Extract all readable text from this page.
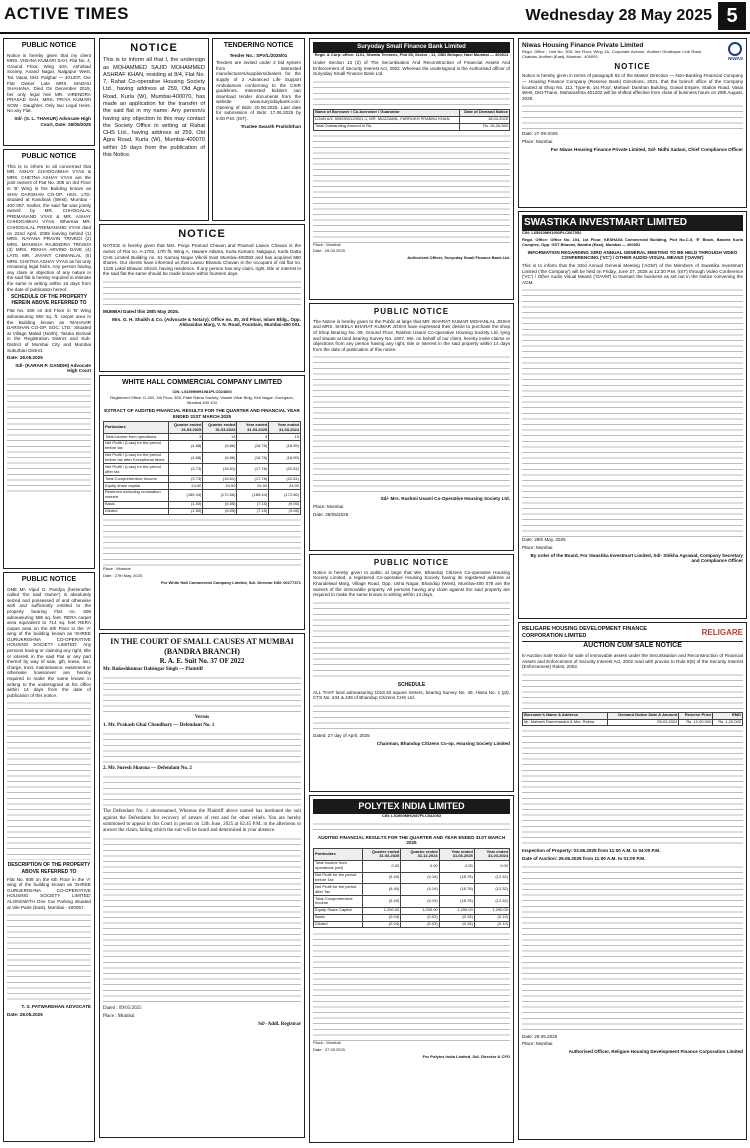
ACTIVE TIMES	Wednesday 28 May 2025 5
PUBLIC NOTICE

Notice is hereby given that my client MRS. VISHNA KUMARI SAH, Flat No. 4, Ground Floor, Wing 10A, Ashirbad Society, Anand Nagar, Nalgapur West, Tal. Vasai, Dist. Palghar — 401207, Our Flat Owner Late MRS. MADHU SHAHANA, Died On December 2015, her only legal heir MR. VIRENDRA PRASAD SAH, MRS. PRIYA KUMARI SOW - Daughter. Only two Legal Heirs. No any Flat.

Sd/- (S. L. THAKUR) Advocate High Court, Date: 28/05/2025

PUBLIC NOTICE

This is to inform to all concerned that MR. ASHAY CHHOGABHAI VYAS & MRS. CHETNA ASHAY VYAS are the joint owners of Flat No. 308 on 3rd Floor in 'B' Wing in the Building known as SHIV DARSHAN CO-OP. HSG. LTD. situated at Kandivali (West), Mumbai - 400 067. Earlier, the said flat was jointly owned by MR. CHHOGALAL PREMANAND VYAS & MR. ASHAY CHHOGABHAI VYAS. Whereas MR. CHHOGALAL PREMANAND VYAS died on 22nd April, 2005 leaving behind (1) MRS. NAYANA PRAVIN TRIVEDI (2) MRS. MANISHA RAJENDRA TRIVEDI (3) MRS. REKHA ARVIND DAVE (4) LATE MR. JAYANT CHIMANLAL (5) MRS. CHETNA ASHAY VYAS as his only remaining legal heirs. Any person having any claim or objection of any nature in the said flat is hereby required to intimate the same in writing within 15 days from the date of publication hereof.

SCHEDULE OF THE PROPERTY HEREIN ABOVE REFERRED TO

Flat No. 308 on 3rd Floor in 'B' Wing admeasuring 550 sq. ft. carpet area in the Building known as 'MAHAVIR DARSHAN CO-OP. SOC. LTD.' Situated at Village Malad (North), Taluka Borivali in the Registration District and Sub-District of Mumbai City and Mumbai Suburban District.

Date: 28.05.2025

Sd/- (KARAN P. GANDHI) Advocate High Court

PUBLIC NOTICE

ONE Mr. Vipul G. Pandya (hereinafter called 'the said Owner') is absolutely seized and possessed of and otherwise well and sufficiently entitled to the property bearing Flat no. 608 admeasuring 586 sq. feet. RERA carpet area equivalent to 714 sq. feet RERA carpet area on the 6th Floor in the 'A' wing of the building known as 'SHREE GURUKRISHNA CO-OPERATIVE HOUSING SOCIETY LIMITED'. Any persons having or claiming any right, title or interest in the said Flat or any part thereof by way of sale, gift, lease, lien, charge, trust, maintenance, easement or otherwise howsoever are hereby required to make the same known in writing to the undersigned at his office within 14 days from the date of publication of this notice.

DESCRIPTION OF THE PROPERTY ABOVE REFERRED TO

Flat No. 608 on the 6th Floor in the 'A' wing of the building known as 'SHREE GURUKRISHNA CO-OPERATIVE HOUSING SOCIETY LIMITED' ALONGWITH One Car Parking situated at Vile Parle (East), Mumbai - 400057.

T. S. PATWARDHAN ADVOCATE

Date: 28.05.2025

NOTICE

This is to inform all that I, the undersign as MOHAMMED SAJID MOHAMMED ASHRAF KHAN, residing at 8/4, Flat No. 7, Rahat Co-operative Housing Society Ltd., having address at 259, Old Agra Road, Kurla (W), Mumbai-400070, has made an application for the transfer of the said flat in my name. Any person/s having any objection to this may contact the Society Office in writing at Rahat CHS Ltd., having address at 259, Old Agra Road, Kurla (W), Mumbai-400070 within 15 days from the publication of this Notice.

TENDERING NOTICE

Tender No.: SPV/L/2025/01

Tenders are invited under 2 bid system from interested manufacturers/suppliers/dealers for the supply of 2 Advanced Life Support Ambulances conforming to the CSIR guidelines. Interested bidders can download tender documents from the website www.suryodaybank.com. Opening of Bids: 20.06.2025. Last date for submission of Bids: 17.06.2025 by 5.00 P.M. (IST).

Trustee Swasth Pratishthan

NOTICE

NOTICE is hereby given that Mrs. Pooja Pramod Chavan and Pramod Lawoo Chavan is the owner of Flat no. A-1702, 17th flr, Wing A, Haware Atlanta, Kurla Kamani, Nalgapur, Kurla Datta CHS Limited Building no. 51 Kamraj Nagar Vikroli East Mumbai-400083 and has acquired 580 shares. Our clients have informed us that Lawoo Bhandu Chavan is the occupant of old flat no. 1226 Lakdi Bhavan Shiroli, having residence. If any person has any claim, right, title or interest in the said flat the same should be made known within fourteen days.

MUMBAI Dated this 28th May 2025.

Mrs. G. H. Shaikh & Co. (Advocate & Notary), Office no. 30, 3rd Floor, Islam Bldg., Opp. Abbasidas Marg, V. N. Road, Fountain, Mumbai-400 001.

WHITE HALL COMMERCIAL COMPANY LIMITED

CIN: L51909MH1981PLC024660

Registered Office: D-402, 4th Floor, 305, Patel Ratna Society, Vasant Vihar Bldg, Kirti Nagar, Goregaon, Mumbai 400 104

EXTRACT OF AUDITED FINANCIAL RESULTS FOR THE QUARTER AND FINANCIAL YEAR ENDED 31ST MARCH 2025

Particulars	Quarter ended 31.03.2025	Quarter ended 31.03.2024	Year ended 31.03.2025	Year ended 31.03.2024
Total income from operations	3	13	3	13
Net Profit / (Loss) for the period before tax	(4.88)	(6.86)	(18.76)	(18.99)
Net Profit / (Loss) for the period before tax after Exceptional items	(4.88)	(6.86)	(18.76)	(18.99)
Net Profit / (Loss) for the period after tax	(3.73)	(16.61)	(17.78)	(22.61)
Total Comprehensive Income	(3.73)	(16.61)	(17.78)	(22.61)
Equity share capital	24.90	24.90	24.90	24.90
Reserves excluding revaluation reserve	(185.44)	(172.66)	(185.44)	(172.66)
Basic	(1.50)	(6.55)	(7.15)	(9.06)
Diluted	(1.50)	(6.55)	(7.15)	(9.06)

Place : Mumbai

Date : 27th May, 2025

For White Hall Commercial Company Limited, Sd/- Director DIN: 00177371

IN THE COURT OF SMALL CAUSES AT MUMBAI (BANDRA BRANCH)

R. A. E. Suit No. 37 OF 2022

Mr. Rukeshkumar Dalsingar Singh — Plaintiff

Versus

1. Mr. Prakash Ghai Choudhary — Defendant No. 1

2. Mr. Suresh Sharma — Defendant No. 2

The Defendant No. 1 abovenamed, Whereas the Plaintiff above named has instituted the suit against the Defendants for recovery of arrears of rent and for other reliefs. You are hereby summoned to appear in this Court in person on 12th June, 2025 at 02.45 P.M. in the afternoon to answer the claim, failing which the suit will be heard and determined in your absence.

Dated : 09/05/2025

Place : Mumbai

Sd/- Addl. Registrar

Suryoday Small Finance Bank Limited

Regd. & Corp. office: 1101, Sharda Terraces, Plot 65, Sector - 11, CBD Belapur, Navi Mumbai — 400614

Under Section 13 (2) of The Securitisation And Reconstruction of Financial Assets And Enforcement of Security Interest Act, 2002. Whereas the undersigned is the Authorised officer of Suryoday Small Finance Bank Ltd.

Name of Borrower / Co-borrower / Guarantor	Date of Demand Notice
LOAN A/C 5052500120001-1, MR. MUZZAMIL, FARRUKH PRABHU KHAN	18.04.2025
Total Outstanding Amount in Rs.	Rs. 26,26,565

Place : Mumbai

Date : 28.05.2025

Authorised Officer, Suryoday Small Finance Bank Ltd.

PUBLIC NOTICE

The Notice is hereby given to the Public at large that MR. BHARAT KUMAR MOHANLAL JOSHI and MRS. SHEELA BHARAT KUMAR JOSHI have expressed their desire to purchase the shop of Shop Bearing No. 09, Ground Floor, Rashmi Usami Co-operative Housing Society Ltd, lying and situate at land bearing Survey No. 1607. We, on behalf of our client, hereby invite claims or objections from any person having any right, title or interest in the said property within 14 days from the date of publication of this notice.

Sd/- Mrs. Rashmi Usami Co-Operative Housing Society Ltd.

Place: Mumbai

Date: 28/05/2025

PUBLIC NOTICE

Notice is hereby given to public at large that We, Bhandup Citizens Co-operative Housing Society Limited, a registered Co-operative Housing Society having its registered address at Khandelwal Marg, Village Road, Opp. Usha Nagar, Bhandup (West), Mumbai-400 078 are the owners of the immovable property. All persons having any claim against the said property are required to make the same known in writing within 14 days.

SCHEDULE

ALL THAT land admeasuring 1018.30 square meters, bearing Survey No. 49, Hissa No. 1 (pt), CTS No. 434 & 436 of Bhandup Citizens CHS Ltd.

Dated: 27 day of April, 2025

Chairman, Bhandup Citizens Co-op. Housing Society Limited

POLYTEX INDIA LIMITED

CIN: L51900MH1987PLC042092

AUDITED FINANCIAL RESULTS FOR THE QUARTER AND YEAR ENDED 31ST MARCH 2025

Particulars	Quarter ended 31.03.2025	Quarter ended 31.12.2024	Year ended 31.03.2025	Year ended 31.03.2024
Total Income from operations (net)	0.00	0.00	0.00	0.00
Net Profit for the period before Tax	(5.40)	(4.19)	(18.78)	(12.32)
Net Profit for the period after Tax	(5.40)	(4.19)	(18.78)	(12.32)
Total Comprehensive Income	(5.40)	(4.19)	(18.78)	(12.32)
Equity Share Capital	1,290.00	1,290.00	1,290.00	1,290.00
Basic	(0.04)	(0.03)	(0.15)	(0.10)
Diluted	(0.04)	(0.03)	(0.15)	(0.10)

Place : Mumbai

Date : 27.05.2025

For Polytex India Limited, Sd/- Director & CFO

Niwas Housing Finance Private Limited

Regd. Office : Unit No. 305, 3rd Floor, Wing 2A, Corporate Avenue, Andheri Ghatkopar Link Road, Chakala, Andheri (East), Mumbai - 400093	NIWAS
NOTICE

Notice is hereby given in terms of paragraph 63 of the Master Direction — Non-Banking Financial Company — Housing Finance Company (Reserve Bank) Directions, 2021, that the branch office of the Company located at Shop No. 112, Type-B, 1st Floor, Mahavir Darshan Building, Gowal Empire, Station Road, Vasai West, Dist-Thane, Maharashtra 401202 will be shifted effective from close of business hours on 29th August, 2025.

Date: 27-05-2025

Place: Mumbai

For Niwas Housing Finance Private Limited, Sd/- Nidhi Sadani, Chief Compliance Officer

SWASTIKA INVESTMART LIMITED

CIN: L65910MH1992PLC067052

Regd. Office: Office No. 104, 1st Floor, KESHAVA Commercial Building, Plot No.C-5, 'E' Block, Bandra Kurla Complex, Opp. GST Bhavan, Bandra (East), Mumbai — 400051

INFORMATION REGARDING 33RD ANNUAL GENERAL MEETING TO BE HELD THROUGH VIDEO CONFERENCING ('VC') / OTHER AUDIO-VISUAL MEANS ('OAVM')

This is to inform that the 33rd Annual General Meeting ('AGM') of the Members of Swastika Investmart Limited ('the Company') will be held on Friday, June 27, 2025 at 12:30 P.M. (IST) through Video Conference ('VC') / Other Audio Visual Means ('OAVM') to transact the business as set out in the Notice convening the AGM.

Date: 28th May, 2025

Place: Mumbai

By order of the Board, For Swastika Investmart Limited, Sd/- Shikha Agrawal, Company Secretary and Compliance Officer

RELIGARE HOUSING DEVELOPMENT FINANCE CORPORATION LIMITED	RELIGARE
AUCTION CUM SALE NOTICE

E-Auction Sale Notice for sale of immovable assets under the Securitisation and Reconstruction of Financial Assets and Enforcement of Security Interest Act, 2002 read with proviso to Rule 8(6) of the Security Interest (Enforcement) Rules, 2002.

Borrower's Name & Address	Demand Notice Date & Amount	Reserve Price	EMD
Mr. Mahesh Ramchandra & Mrs. Rekha	05.03.2024	Rs. 12,00,000	Rs. 1,20,000

Inspection of Property: 03.06.2025 from 11:00 A.M. to 04:00 P.M.

Date of Auction: 25.06.2025 from 11:00 A.M. to 01:00 P.M.

Date: 28.05.2025

Place: Mumbai

Authorised Officer, Religare Housing Development Finance Corporation Limited
